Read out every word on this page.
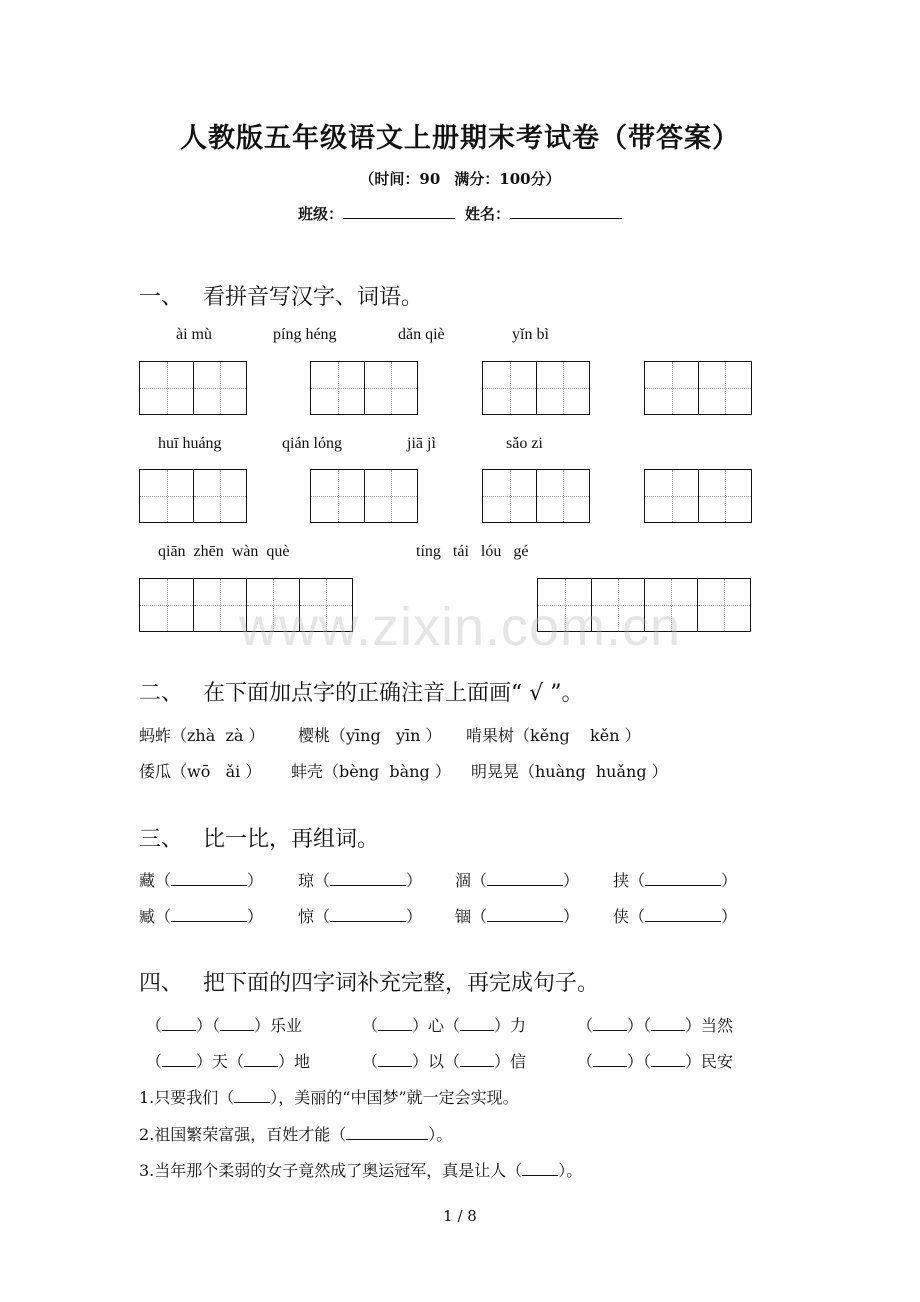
人教版五年级语文上册期末考试卷（带答案）
（时间：90 满分：100分）
班级：	姓名：
一、 看拼音写汉字、词语。
ài mù	píng héng	dǎn qiè	yǐn bì
huī huáng	qián lóng	jiā jì	sǎo zi
qiān  zhēn  wàn  què	tíng   tái   lóu   gé
www.zixin.com.cn
二、 在下面加点字的正确注音上面画“ √ ”。
蚂蚱（zhà  zà ） 樱桃（yīng   yīn ） 啃果树（kěng    kěn ）
倭瓜（wō   ǎi ） 蚌壳（bèng  bàng ） 明晃晃（huàng  huǎng ）
三、 比一比，再组词。
藏（	） 琼（	） 涸（	） 挟（	）
臧（	） 惊（	） 锢（	） 侠（	）
四、 把下面的四字词补充完整，再完成句子。
（ ）（ ）乐业	（ ）心（ ）力	（ ）（ ）当然
（ ）天（ ）地	（ ）以（ ）信	（ ）（ ）民安
1.只要我们（ ），美丽的“中国梦”就一定会实现。
2.祖国繁荣富强，百姓才能（	）。
3.当年那个柔弱的女子竟然成了奥运冠军，真是让人（ ）。
1 / 8
